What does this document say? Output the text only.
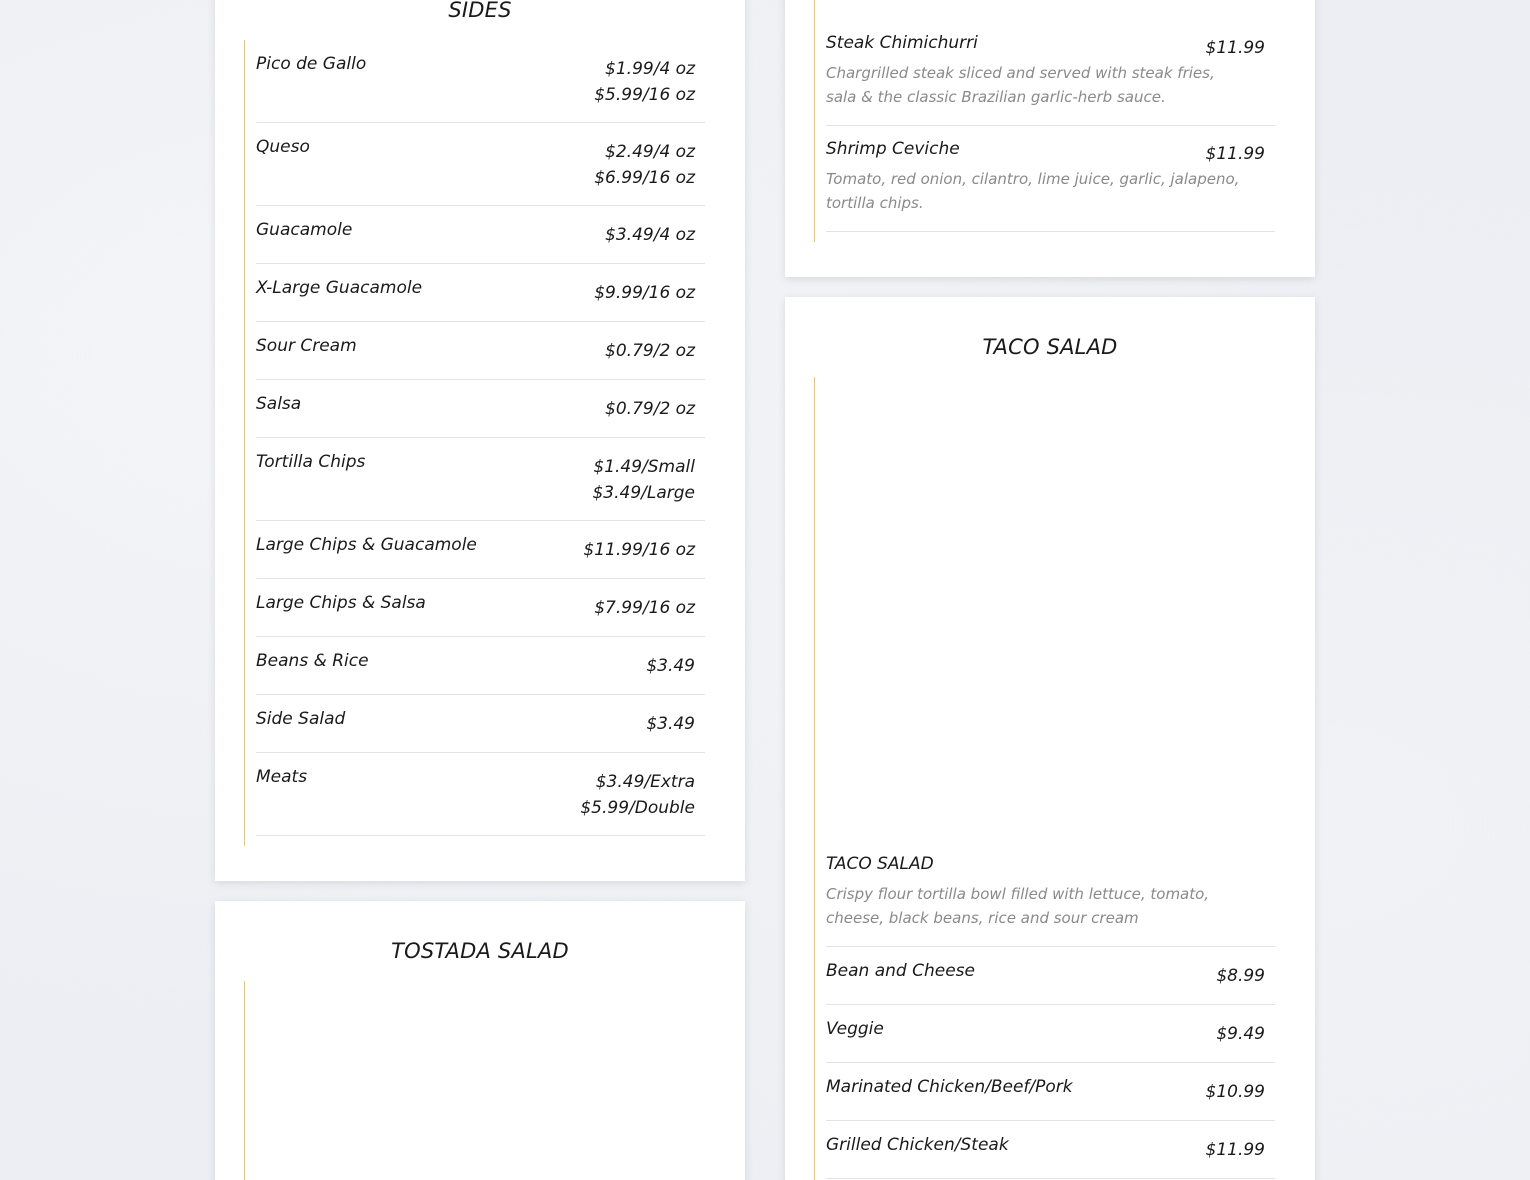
SIDES
Pico de Gallo	$1.99/4 oz
$5.99/16 oz
Queso	$2.49/4 oz
$6.99/16 oz
Guacamole	$3.49/4 oz
X-Large Guacamole	$9.99/16 oz
Sour Cream	$0.79/2 oz
Salsa	$0.79/2 oz
Tortilla Chips	$1.49/Small
$3.49/Large
Large Chips & Guacamole	$11.99/16 oz
Large Chips & Salsa	$7.99/16 oz
Beans & Rice	$3.49
Side Salad	$3.49
Meats	$3.49/Extra
$5.99/Double
TOSTADA SALAD
Steak Chimichurri	$11.99
Chargrilled steak sliced and served with steak fries, sala & the classic Brazilian garlic-herb sauce.
Shrimp Ceviche	$11.99
Tomato, red onion, cilantro, lime juice, garlic, jalapeno, tortilla chips.
TACO SALAD
TACO SALAD
Crispy flour tortilla bowl filled with lettuce, tomato, cheese, black beans, rice and sour cream
Bean and Cheese	$8.99
Veggie	$9.49
Marinated Chicken/Beef/Pork	$10.99
Grilled Chicken/Steak	$11.99
